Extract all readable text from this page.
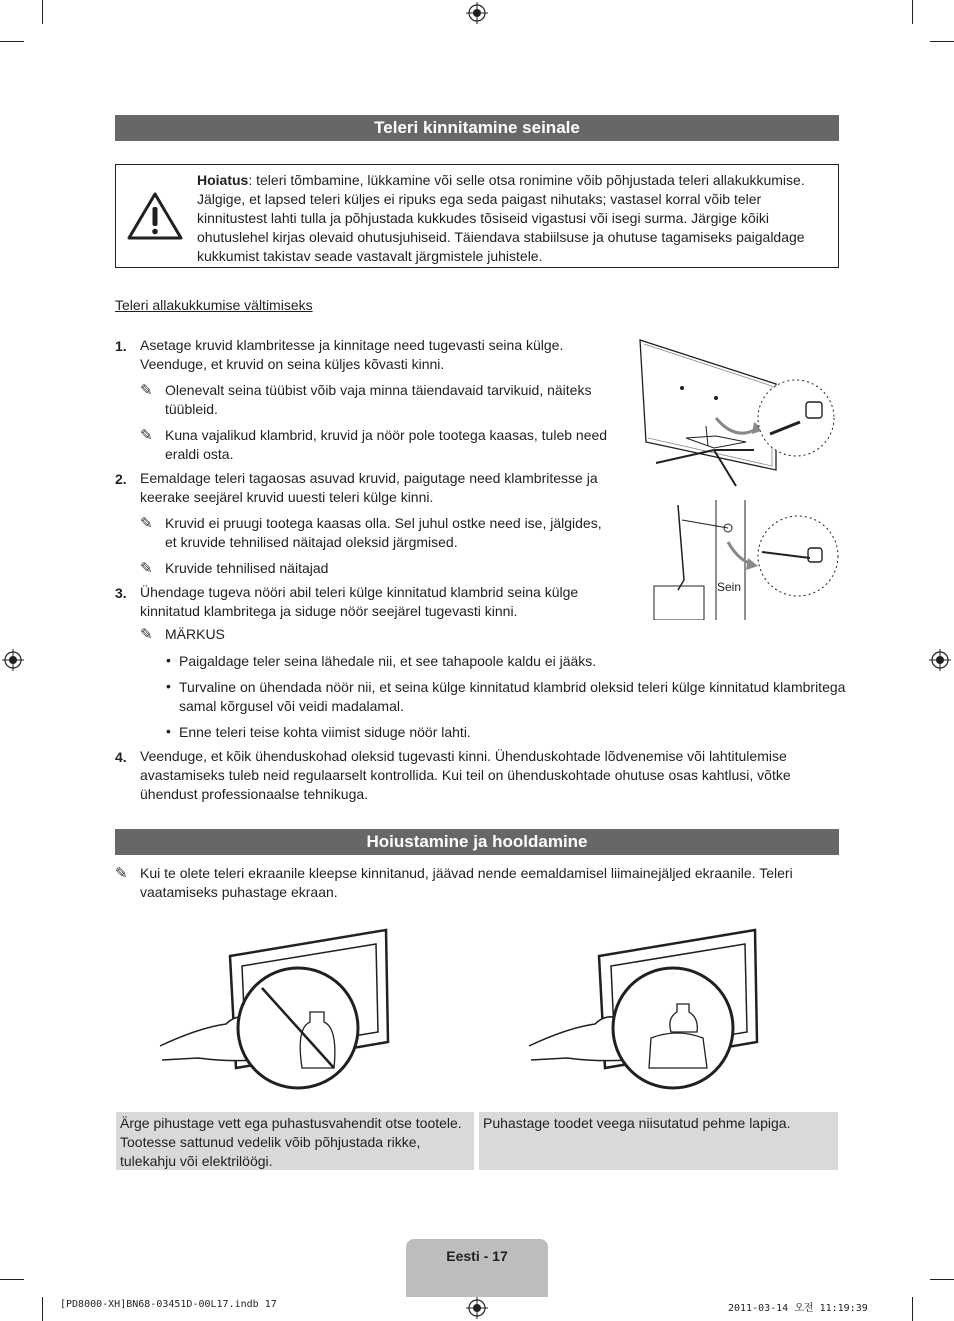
Teleri kinnitamine seinale
Hoiatus: teleri tõmbamine, lükkamine või selle otsa ronimine võib põhjustada teleri allakukkumise. Jälgige, et lapsed teleri küljes ei ripuks ega seda paigast nihutaks; vastasel korral võib teler kinnitustest lahti tulla ja põhjustada kukkudes tõsiseid vigastusi või isegi surma. Järgige kõiki ohutuslehel kirjas olevaid ohutusjuhiseid. Täiendava stabiilsuse ja ohutuse tagamiseks paigaldage kukkumist takistav seade vastavalt järgmistele juhistele.
Teleri allakukkumise vältimiseks
1. Asetage kruvid klambritesse ja kinnitage need tugevasti seina külge. Veenduge, et kruvid on seina küljes kõvasti kinni.
✎ Olenevalt seina tüübist võib vaja minna täiendavaid tarvikuid, näiteks tüübleid.
✎ Kuna vajalikud klambrid, kruvid ja nöör pole tootega kaasas, tuleb need eraldi osta.
2. Eemaldage teleri tagaosas asuvad kruvid, paigutage need klambritesse ja keerake seejärel kruvid uuesti teleri külge kinni.
✎ Kruvid ei pruugi tootega kaasas olla. Sel juhul ostke need ise, jälgides, et kruvide tehnilised näitajad oleksid järgmised.
✎ Kruvide tehnilised näitajad
3. Ühendage tugeva nööri abil teleri külge kinnitatud klambrid seina külge kinnitatud klambritega ja siduge nöör seejärel tugevasti kinni.
✎ MÄRKUS
• Paigaldage teler seina lähedale nii, et see tahapoole kaldu ei jääks.
• Turvaline on ühendada nöör nii, et seina külge kinnitatud klambrid oleksid teleri külge kinnitatud klambritega samal kõrgusel või veidi madalamal.
• Enne teleri teise kohta viimist siduge nöör lahti.
4. Veenduge, et kõik ühenduskohad oleksid tugevasti kinni. Ühenduskohtade lõdvenemise või lahtitulemise avastamiseks tuleb neid regulaarselt kontrollida. Kui teil on ühenduskohtade ohutuse osas kahtlusi, võtke ühendust professionaalse tehnikuga.
Sein
Hoiustamine ja hooldamine
✎ Kui te olete teleri ekraanile kleepse kinnitanud, jäävad nende eemaldamisel liimainejäljed ekraanile. Teleri vaatamiseks puhastage ekraan.
Ärge pihustage vett ega puhastusvahendit otse tootele. Tootesse sattunud vedelik võib põhjustada rikke, tulekahju või elektrilöögi.
Puhastage toodet veega niisutatud pehme lapiga.
Eesti - 17
[PD8000-XH]BN68-03451D-00L17.indb 17	2011-03-14 오전 11:19:39
